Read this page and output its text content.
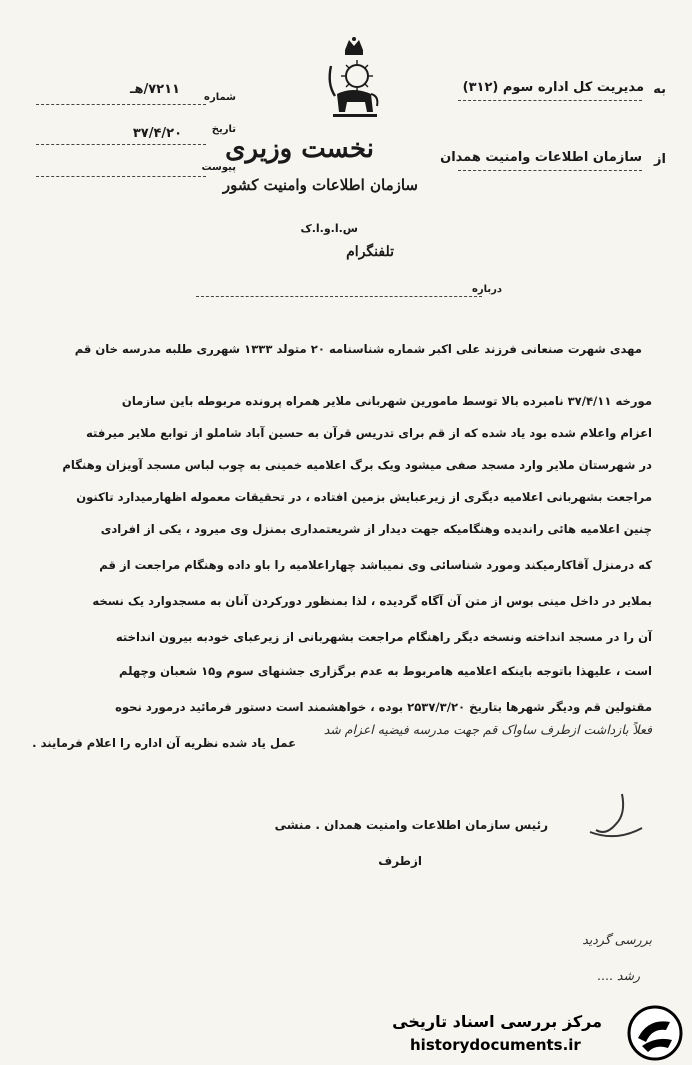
به
مدیریت کل اداره سوم (۳۱۲)
از
سازمان اطلاعات وامنیت همدان
شماره
۷۲۱۱/هـ
تاریخ
۳۷/۴/۲۰
پیوست
نخست وزیری
سازمان اطلاعات وامنیت کشور
س.ا.و.ا.ک
تلفنگرام
درباره
مهدی شهرت صنعانی فرزند علی اکبر شماره شناسنامه ۲۰ متولد ۱۳۳۳ شهرری طلبه مدرسه خان قم
مورخه ۳۷/۴/۱۱ نامبرده بالا توسط مامورین شهربانی ملایر همراه پرونده مربوطه باین سازمان
اعزام واعلام شده بود یاد شده که از قم برای تدریس قرآن به حسین آباد شاملو از توابع ملایر میرفته
در شهرستان ملایر وارد مسجد صفی میشود ویک برگ اعلامیه خمینی به چوب لباس مسجد آویزان وهنگام
مراجعت بشهربانی اعلامیه دیگری از زیرعبایش بزمین افتاده ، در تحقیقات معموله اظهارمیدارد تاکنون
چنین اعلامیه هائی راندیده وهنگامیکه جهت دیدار از شریعتمداری بمنزل وی میرود ، یکی از افرادی
که درمنزل آقاکارمیکند ومورد شناسائی وی نمیباشد چهاراعلامیه را باو داده وهنگام مراجعت از قم
بملایر در داخل مینی بوس از متن آن آگاه گردیده ، لذا بمنظور دورکردن آنان به مسجدوارد یک نسخه
آن را در مسجد انداخته ونسخه دیگر راهنگام مراجعت بشهربانی از زیرعبای خودبه بیرون انداخته
است ، علیهذا باتوجه باینکه اعلامیه هامربوط به عدم برگزاری جشنهای سوم و۱۵ شعبان وچهلم
مقتولین قم ودیگر شهرها بتاریخ ۲۵۳۷/۳/۲۰ بوده ، خواهشمند است دستور فرمائید درمورد نحوه
عمل یاد شده نظریه آن اداره را اعلام فرمایند .
فعلاً بازداشت ازطرف ساواک قم جهت مدرسه فیضیه اعزام شد
رئیس سازمان اطلاعات وامنیت همدان . منشی
ازطرف
بررسی گردید
رشد ....
مرکز بررسی اسناد تاریخی
historydocuments.ir
